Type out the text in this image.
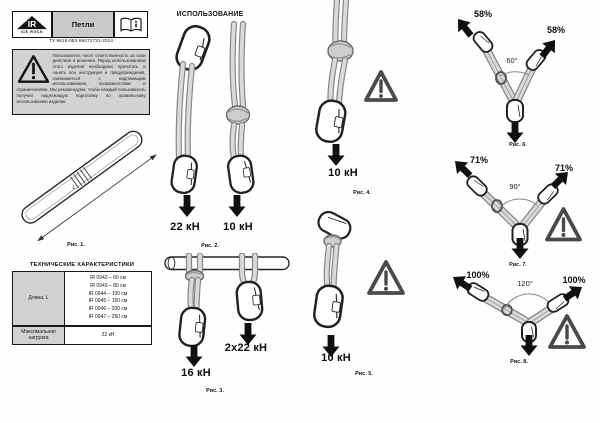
IR
ICE ROCK
Петли
ТУ 9616-053-98471731-2014
Пользователь несет ответственность за свои действия и решения. Перед использованием этого изделия необходимо прочитать и понять все инструкции и предупреждения, ознакомиться с надлежащим использованием, возможностями и ограничениями. Мы рекомендуем, чтобы каждый пользователь получил надлежащую подготовку по правильному использованию изделия.
L
Рис. 1.
ТЕХНИЧЕСКИЕ ХАРАКТЕРИСТИКИ
Длина, L
IR 0942 – 60 см
IR 0943 – 80 см
IR 0944 – 100 см
IR 0945 – 150 см
IR 0946 – 200 см
IR 0947 – 250 см
Максимальная нагрузка	22 кН
ИСПОЛЬЗОВАНИЕ
22 кН	10 кН
Рис. 2.
16 кН
2x22 кН
Рис. 3.
10 кН
Рис. 4.
10 кН
Рис. 5.
58%
58%
60°
Рис. 6.
71%
71%
90°
Рис. 7.
100%	100%
120°
Рис. 8.
